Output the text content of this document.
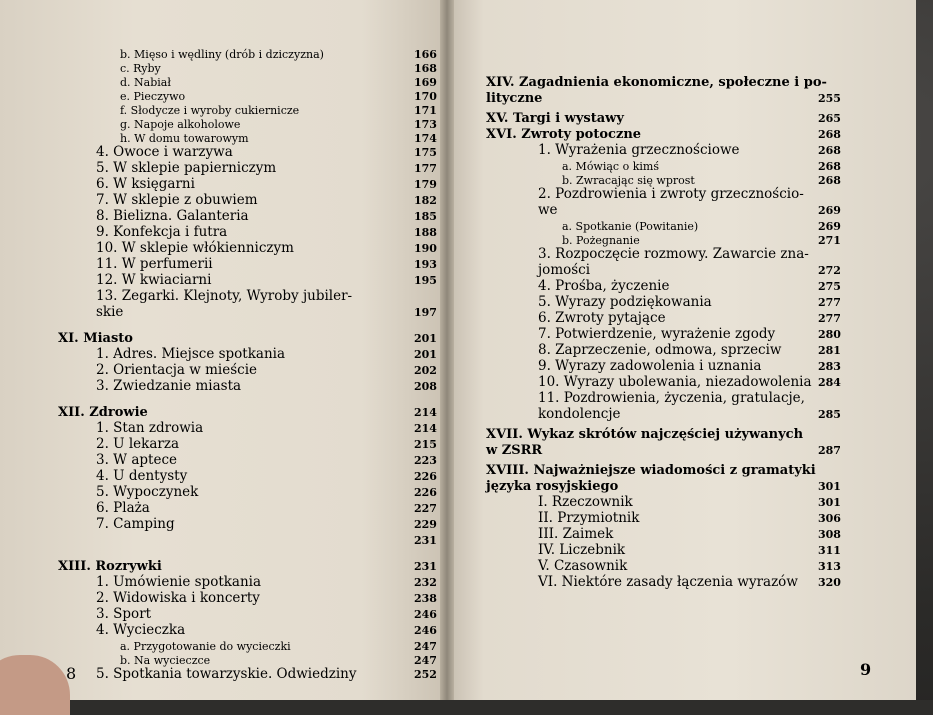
b. Mięso i wędliny (drób i dziczyzna)	166
c. Ryby	168
d. Nabiał	169
e. Pieczywo	170
f. Słodycze i wyroby cukiernicze	171
g. Napoje alkoholowe	173
h. W domu towarowym	174
4. Owoce i warzywa	175
5. W sklepie papierniczym	177
6. W księgarni	179
7. W sklepie z obuwiem	182
8. Bielizna. Galanteria	185
9. Konfekcja i futra	188
10. W sklepie włókienniczym	190
11. W perfumerii	193
12. W kwiaciarni	195
13. Zegarki. Klejnoty, Wyroby jubiler-
skie	197
XI. Miasto	201
1. Adres. Miejsce spotkania	201
2. Orientacja w mieście	202
3. Zwiedzanie miasta	208
XII. Zdrowie	214
1. Stan zdrowia	214
2. U lekarza	215
3. W aptece	223
4. U dentysty	226
5. Wypoczynek	226
6. Plaża	227
7. Camping	229
231
XIII. Rozrywki	231
1. Umówienie spotkania	232
2. Widowiska i koncerty	238
3. Sport	246
4. Wycieczka	246
a. Przygotowanie do wycieczki	247
b. Na wycieczce	247
5. Spotkania towarzyskie. Odwiedziny	252
XIV. Zagadnienia ekonomiczne, społeczne i po-
lityczne	255
XV. Targi i wystawy	265
XVI. Zwroty potoczne	268
1. Wyrażenia grzecznościowe	268
a. Mówiąc o kimś	268
b. Zwracając się wprost	268
2. Pozdrowienia i zwroty grzecznościo-
we	269
a. Spotkanie (Powitanie)	269
b. Pożegnanie	271
3. Rozpoczęcie rozmowy. Zawarcie zna-
jomości	272
4. Prośba, życzenie	275
5. Wyrazy podziękowania	277
6. Zwroty pytające	277
7. Potwierdzenie, wyrażenie zgody	280
8. Zaprzeczenie, odmowa, sprzeciw	281
9. Wyrazy zadowolenia i uznania	283
10. Wyrazy ubolewania, niezadowolenia 284
11. Pozdrowienia, życzenia, gratulacje,
kondolencje	285
XVII. Wykaz skrótów najczęściej używanych
w ZSRR	287
XVIII. Najważniejsze wiadomości z gramatyki
języka rosyjskiego	301
I. Rzeczownik	301
II. Przymiotnik	306
III. Zaimek	308
IV. Liczebnik	311
V. Czasownik	313
VI. Niektóre zasady łączenia wyrazów 320
8	9
